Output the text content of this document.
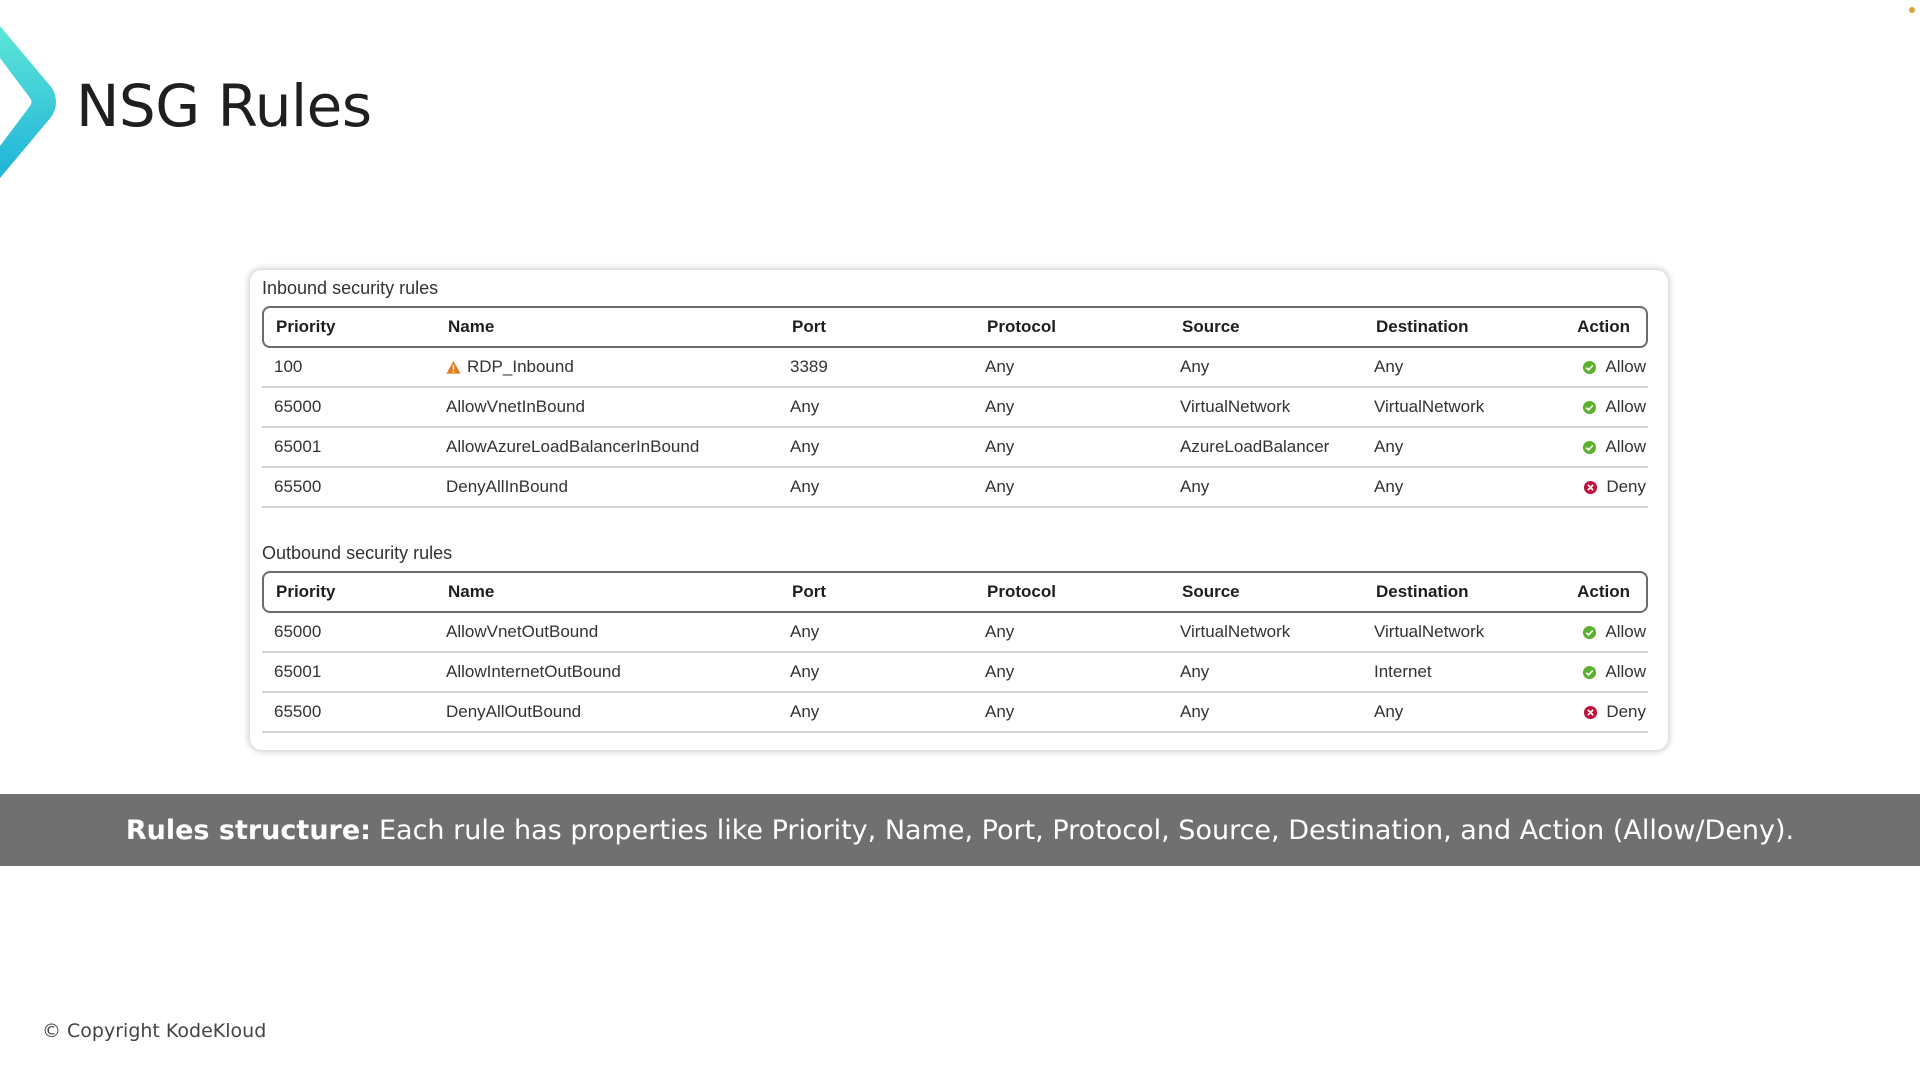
NSG Rules
Inbound security rules
Priority	Name	Port	Protocol	Source	Destination	Action
100	RDP_Inbound	3389	Any	Any	Any	Allow
65000	AllowVnetInBound	Any	Any	VirtualNetwork	VirtualNetwork	Allow
65001	AllowAzureLoadBalancerInBound	Any	Any	AzureLoadBalancer	Any	Allow
65500	DenyAllInBound	Any	Any	Any	Any	Deny
Outbound security rules
Priority	Name	Port	Protocol	Source	Destination	Action
65000	AllowVnetOutBound	Any	Any	VirtualNetwork	VirtualNetwork	Allow
65001	AllowInternetOutBound	Any	Any	Any	Internet	Allow
65500	DenyAllOutBound	Any	Any	Any	Any	Deny
Rules structure: Each rule has properties like Priority, Name, Port, Protocol, Source, Destination, and Action (Allow/Deny).
© Copyright KodeKloud
